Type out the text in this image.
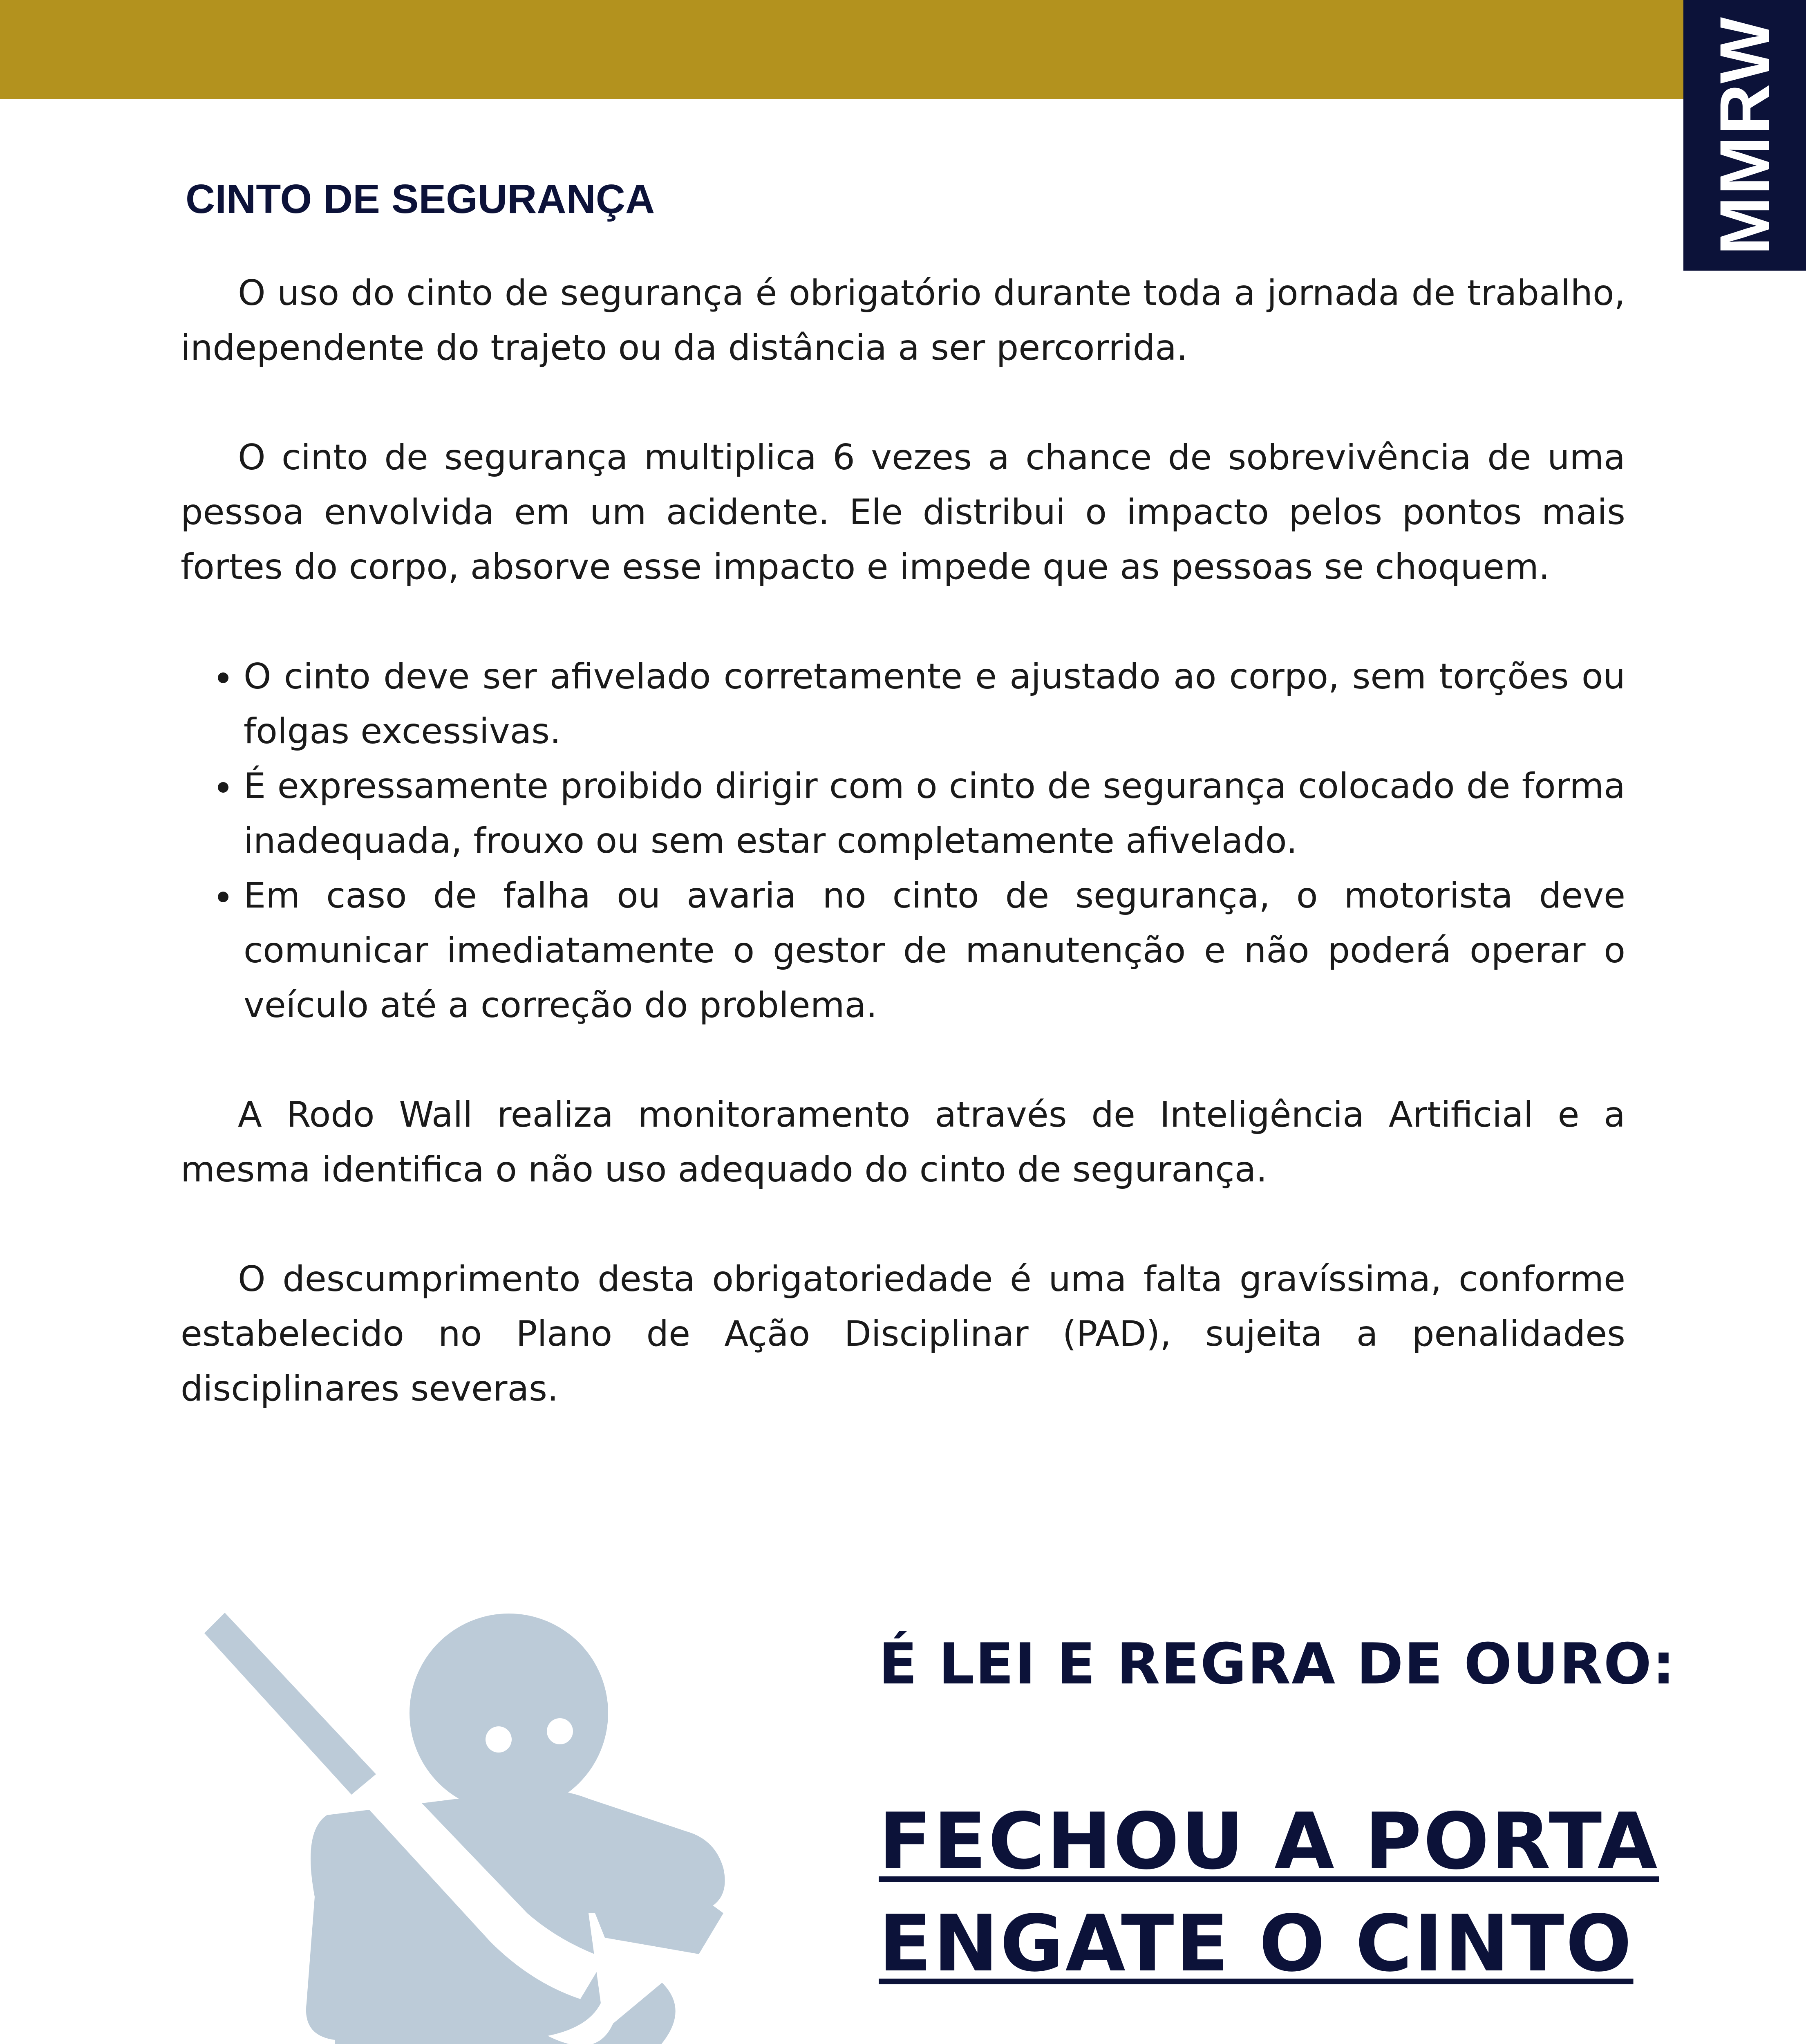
MMRW
CINTO DE SEGURANÇA

O uso do cinto de segurança é obrigatório durante toda a jornada de trabalho, independente do trajeto ou da distância a ser percorrida.

O cinto de segurança multiplica 6 vezes a chance de sobrevivência de uma pessoa envolvida em um acidente. Ele distribui o impacto pelos pontos mais fortes do corpo, absorve esse impacto e impede que as pessoas se choquem.

• O cinto deve ser afivelado corretamente e ajustado ao corpo, sem torções ou folgas excessivas.
• É expressamente proibido dirigir com o cinto de segurança colocado de forma inadequada, frouxo ou sem estar completamente afivelado.
• Em caso de falha ou avaria no cinto de segurança, o motorista deve comunicar imediatamente o gestor de manutenção e não poderá operar o veículo até a correção do problema.

A Rodo Wall realiza monitoramento através de Inteligência Artificial e a mesma identifica o não uso adequado do cinto de segurança.

O descumprimento desta obrigatoriedade é uma falta gravíssima, conforme estabelecido no Plano de Ação Disciplinar (PAD), sujeita a penalidades disciplinares severas.

É LEI E REGRA DE OURO:
FECHOU A PORTA
ENGATE O CINTO
